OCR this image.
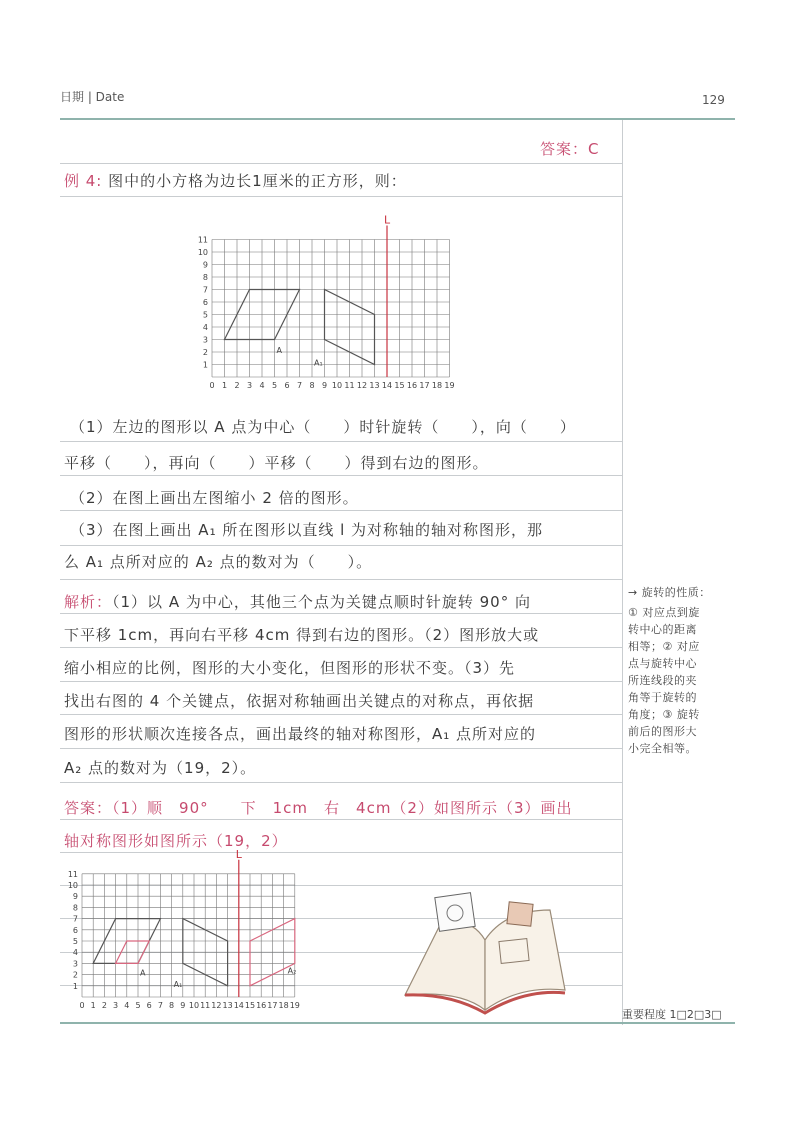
日期 | Date	129
答案：C
例 4: 图中的小方格为边长1厘米的正方形，则：
0 1 2 3 4 5 6 7 8 9 10 11 12 13 14 15 16 17 18 19
1
2
3
4
5
6
7
8
9
10
11
L
A
A₁
（1）左边的图形以 A 点为中心（　　）时针旋转（　　），向（　　）
平移（　　），再向（　　）平移（　　）得到右边的图形。
（2）在图上画出左图缩小 2 倍的图形。
（3）在图上画出 A₁ 所在图形以直线 l 为对称轴的轴对称图形，那
么 A₁ 点所对应的 A₂ 点的数对为（　　）。
解析：（1）以 A 为中心，其他三个点为关键点顺时针旋转 90° 向
下平移 1cm，再向右平移 4cm 得到右边的图形。（2）图形放大或
缩小相应的比例，图形的大小变化，但图形的形状不变。（3）先
找出右图的 4 个关键点，依据对称轴画出关键点的对称点，再依据
图形的形状顺次连接各点，画出最终的轴对称图形，A₁ 点所对应的
A₂ 点的数对为（19，2）。
答案：（1）顺　90°　　下　1cm　右　4cm（2）如图所示（3）画出
轴对称图形如图所示（19，2）
0 1 2 3 4 5 6 7 8 9 10 11 12 13 14 15 16 17 18 19
1
2
3
4
5
6
7
8
9
10
11
L
A
A₁
A₂
→ 旋转的性质：
① 对应点到旋
转中心的距离
相等；② 对应
点与旋转中心
所连线段的夹
角等于旋转的
角度；③ 旋转
前后的图形大
小完全相等。
重要程度 1□2□3□
